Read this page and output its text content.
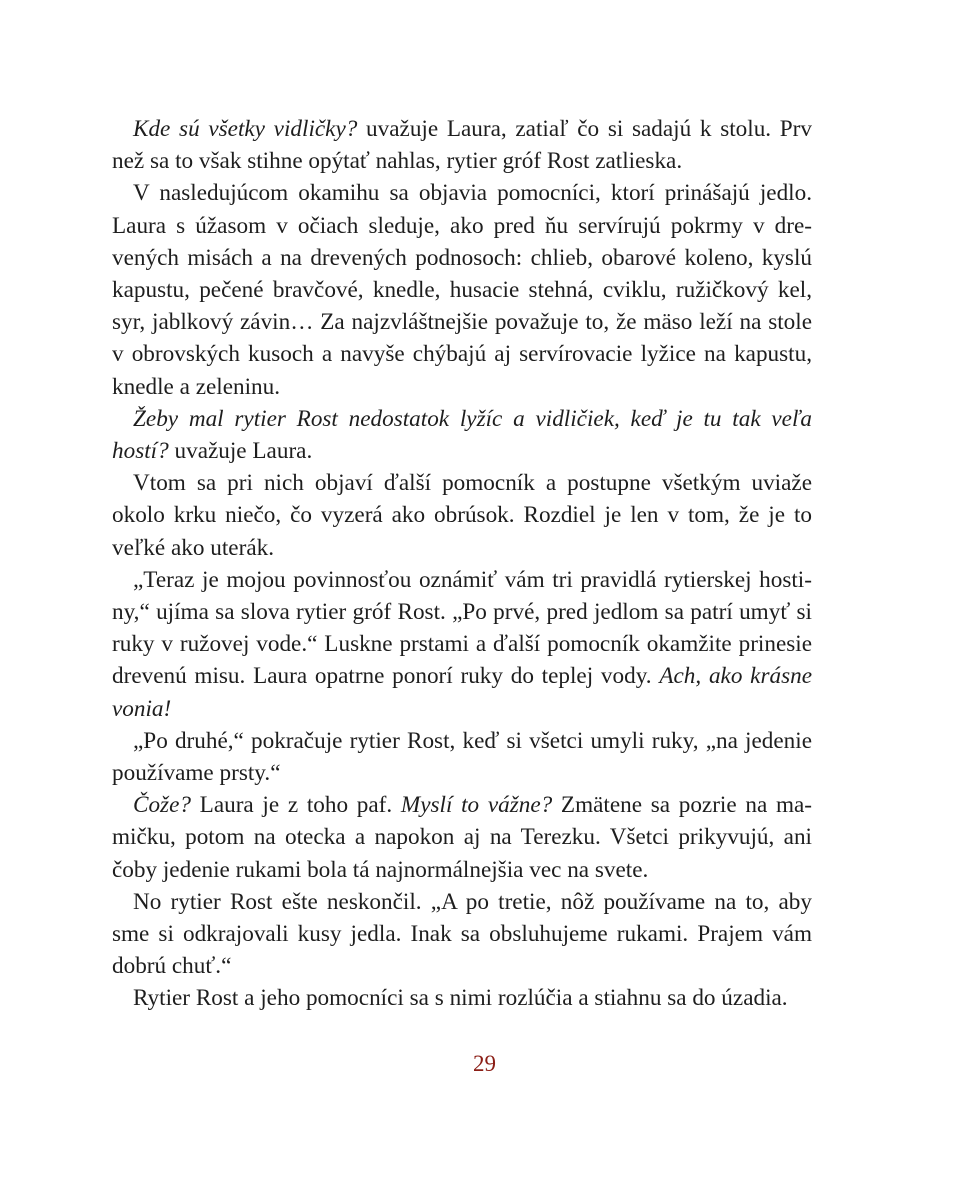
Kde sú všetky vidličky? uvažuje Laura, zatiaľ čo si sadajú k stolu. Prv než sa to však stihne opýtať nahlas, rytier gróf Rost zatlieska.

V nasledujúcom okamihu sa objavia pomocníci, ktorí prinášajú jedlo. Laura s úžasom v očiach sleduje, ako pred ňu servírujú pokrmy v drevených misách a na drevených podnosoch: chlieb, obarové koleno, kyslú kapustu, pečené bravčové, knedle, husacie stehná, cviklu, ružičkový kel, syr, jablkový závin… Za najzvláštnejšie považuje to, že mäso leží na stole v obrovských kusoch a navyše chýbajú aj servírovacie lyžice na kapustu, knedle a zeleninu.

Žeby mal rytier Rost nedostatok lyžíc a vidličiek, keď je tu tak veľa hostí? uvažuje Laura.

Vtom sa pri nich objaví ďalší pomocník a postupne všetkým uviaže okolo krku niečo, čo vyzerá ako obrúsok. Rozdiel je len v tom, že je to veľké ako uterák.

„Teraz je mojou povinnosťou oznámiť vám tri pravidlá rytierskej hostiny,“ ujíma sa slova rytier gróf Rost. „Po prvé, pred jedlom sa patrí umyť si ruky v ružovej vode.“ Luskne prstami a ďalší pomocník okamžite prinesie drevenú misu. Laura opatrne ponorí ruky do teplej vody. Ach, ako krásne vonia!

„Po druhé,“ pokračuje rytier Rost, keď si všetci umyli ruky, „na jedenie používame prsty.“

Čože? Laura je z toho paf. Myslí to vážne? Zmätene sa pozrie na mamičku, potom na otecka a napokon aj na Terezku. Všetci prikyvujú, ani čoby jedenie rukami bola tá najnormálnejšia vec na svete.

No rytier Rost ešte neskončil. „A po tretie, nôž používame na to, aby sme si odkrajovali kusy jedla. Inak sa obsluhujeme rukami. Prajem vám dobrú chuť.“

Rytier Rost a jeho pomocníci sa s nimi rozlúčia a stiahnu sa do úzadia.

29
